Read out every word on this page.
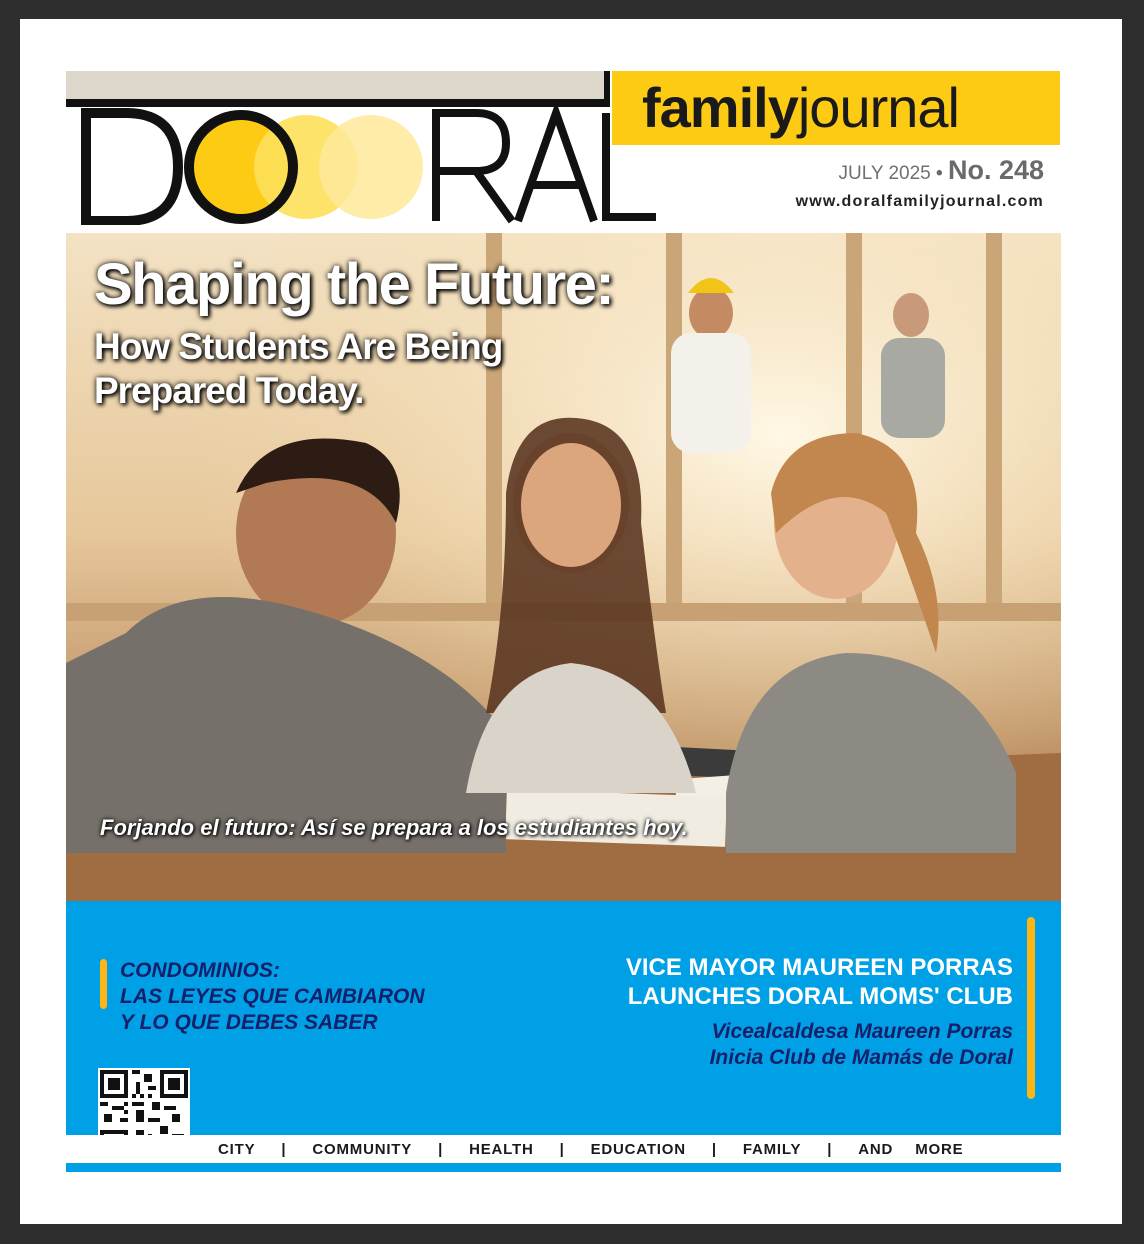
familyjournal
JULY 2025 • No. 248
www.doralfamilyjournal.com
Shaping the Future:
How Students Are Being
Prepared Today.
Forjando el futuro: Así se prepara a los estudiantes hoy.
CONDOMINIOS:
LAS LEYES QUE CAMBIARON
Y LO QUE DEBES SABER
VICE MAYOR MAUREEN PORRAS
LAUNCHES DORAL MOMS' CLUB
Vicealcaldesa Maureen Porras
Inicia Club de Mamás de Doral
CITY | COMMUNITY | HEALTH | EDUCATION | FAMILY | AND MORE
